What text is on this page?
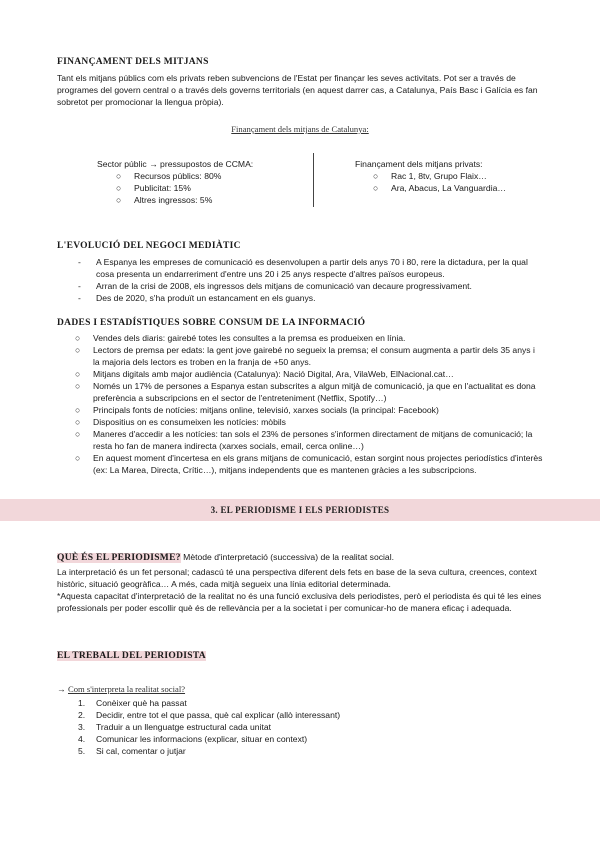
FINANÇAMENT DELS MITJANS
Tant els mitjans públics com els privats reben subvencions de l'Estat per finançar les seves activitats. Pot ser a través de programes del govern central o a través dels governs territorials (en aquest darrer cas, a Catalunya, País Basc i Galícia es fan sobretot per promocionar la llengua pròpia).
Finançament dels mitjans de Catalunya:
Sector públic → pressupostos de CCMA:
○ Recursos públics: 80%
○ Publicitat: 15%
○ Altres ingressos: 5%
Finançament dels mitjans privats:
○ Rac 1, 8tv, Grupo Flaix…
○ Ara, Abacus, La Vanguardia…
L'EVOLUCIÓ DEL NEGOCI MEDIÀTIC
- A Espanya les empreses de comunicació es desenvolupen a partir dels anys 70 i 80, rere la dictadura, per la qual cosa presenta un endarreriment d'entre uns 20 i 25 anys respecte d'altres països europeus.
- Arran de la crisi de 2008, els ingressos dels mitjans de comunicació van decaure progressivament.
- Des de 2020, s'ha produït un estancament en els guanys.
DADES I ESTADÍSTIQUES SOBRE CONSUM DE LA INFORMACIÓ
○ Vendes dels diaris: gairebé totes les consultes a la premsa es produeixen en línia.
○ Lectors de premsa per edats: la gent jove gairebé no segueix la premsa; el consum augmenta a partir dels 35 anys i la majoria dels lectors es troben en la franja de +50 anys.
○ Mitjans digitals amb major audiència (Catalunya): Nació Digital, Ara, VilaWeb, ElNacional.cat…
○ Només un 17% de persones a Espanya estan subscrites a algun mitjà de comunicació, ja que en l'actualitat es dona preferència a subscripcions en el sector de l'entreteniment (Netflix, Spotify…)
○ Principals fonts de notícies: mitjans online, televisió, xarxes socials (la principal: Facebook)
○ Dispositius on es consumeixen les notícies: mòbils
○ Maneres d'accedir a les notícies: tan sols el 23% de persones s'informen directament de mitjans de comunicació; la resta ho fan de manera indirecta (xarxes socials, email, cerca online…)
○ En aquest moment d'incertesa en els grans mitjans de comunicació, estan sorgint nous projectes periodístics d'interès (ex: La Marea, Directa, Crític…), mitjans independents que es mantenen gràcies a les subscripcions.
3. EL PERIODISME I ELS PERIODISTES
QUÈ ÉS EL PERIODISME? Mètode d'interpretació (successiva) de la realitat social.
La interpretació és un fet personal; cadascú té una perspectiva diferent dels fets en base de la seva cultura, creences, context històric, situació geogràfica… A més, cada mitjà segueix una línia editorial determinada.
*Aquesta capacitat d'interpretació de la realitat no és una funció exclusiva dels periodistes, però el periodista és qui té les eines professionals per poder escollir què és de rellevància per a la societat i per comunicar-ho de manera eficaç i adequada.
EL TREBALL DEL PERIODISTA
→ Com s'interpreta la realitat social?
1. Conèixer què ha passat
2. Decidir, entre tot el que passa, què cal explicar (allò interessant)
3. Traduir a un llenguatge estructural cada unitat
4. Comunicar les informacions (explicar, situar en context)
5. Si cal, comentar o jutjar
